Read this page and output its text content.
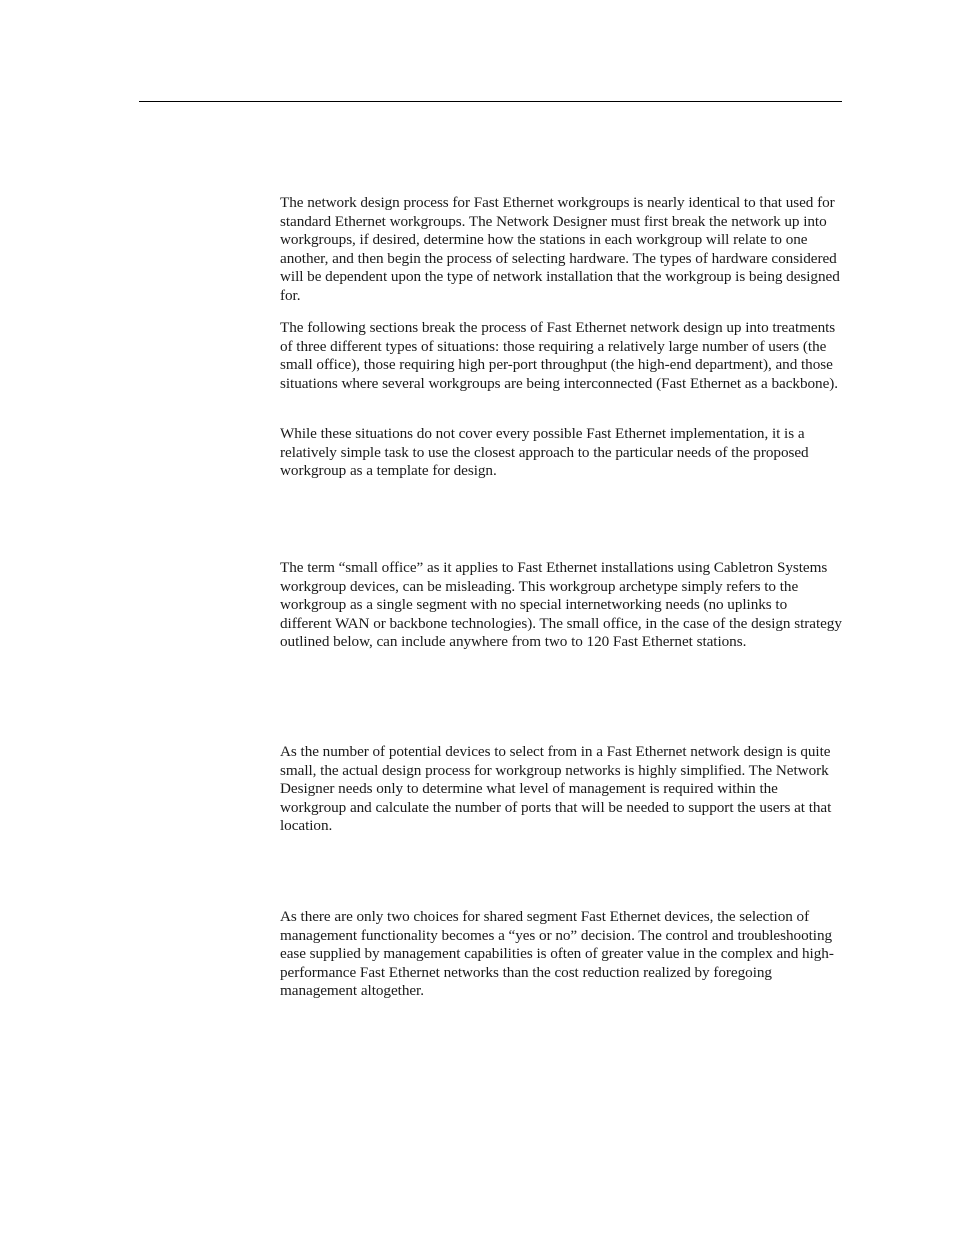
The network design process for Fast Ethernet workgroups is nearly identical to that used for standard Ethernet workgroups. The Network Designer must first break the network up into workgroups, if desired, determine how the stations in each workgroup will relate to one another, and then begin the process of selecting hardware. The types of hardware considered will be dependent upon the type of network installation that the workgroup is being designed for.

The following sections break the process of Fast Ethernet network design up into treatments of three different types of situations: those requiring a relatively large number of users (the small office), those requiring high per-port throughput (the high-end department), and those situations where several workgroups are being interconnected (Fast Ethernet as a backbone).

While these situations do not cover every possible Fast Ethernet implementation, it is a relatively simple task to use the closest approach to the particular needs of the proposed workgroup as a template for design.

The term “small office” as it applies to Fast Ethernet installations using Cabletron Systems workgroup devices, can be misleading. This workgroup archetype simply refers to the workgroup as a single segment with no special internetworking needs (no uplinks to different WAN or backbone technologies). The small office, in the case of the design strategy outlined below, can include anywhere from two to 120 Fast Ethernet stations.

As the number of potential devices to select from in a Fast Ethernet network design is quite small, the actual design process for workgroup networks is highly simplified. The Network Designer needs only to determine what level of management is required within the workgroup and calculate the number of ports that will be needed to support the users at that location.

As there are only two choices for shared segment Fast Ethernet devices, the selection of management functionality becomes a “yes or no” decision. The control and troubleshooting ease supplied by management capabilities is often of greater value in the complex and high-performance Fast Ethernet networks than the cost reduction realized by foregoing management altogether.
